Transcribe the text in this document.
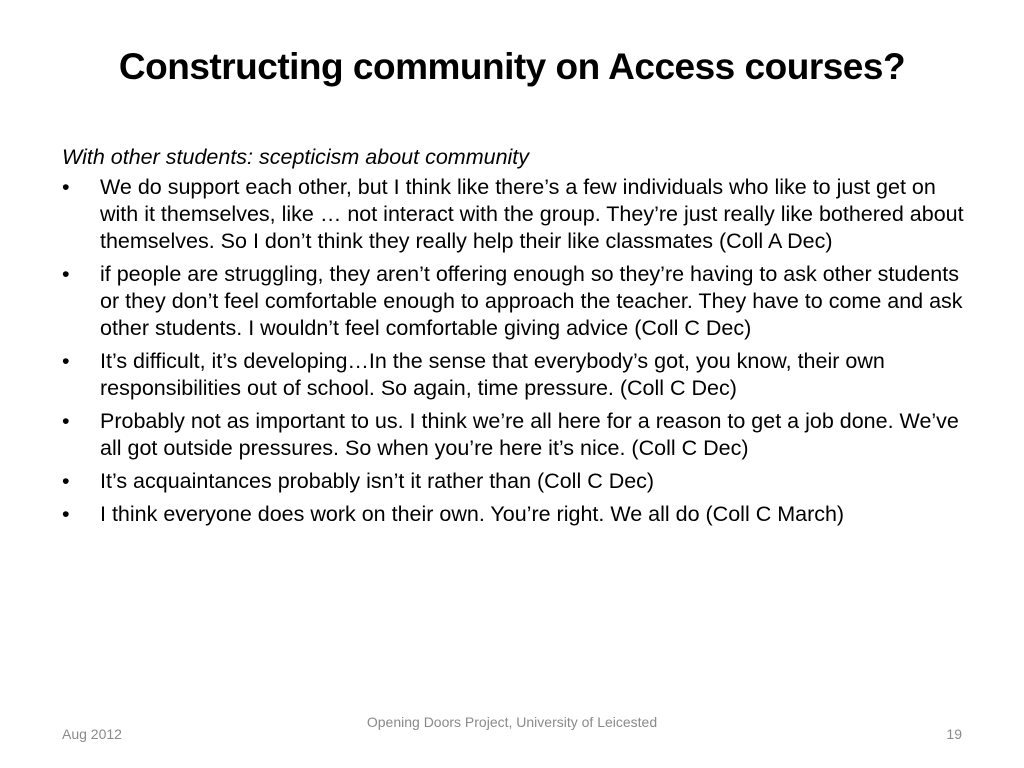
Constructing community on Access courses?

With other students: scepticism about community

•	We do support each other, but I think like there’s a few individuals who like to just get on with it themselves, like … not interact with the group. They’re just really like bothered about themselves. So I don’t think they really help their like classmates (Coll A Dec)
•	if people are struggling, they aren’t offering enough so they’re having to ask other students or they don’t feel comfortable enough to approach the teacher. They have to come and ask other students. I wouldn’t feel comfortable giving advice (Coll C Dec)
•	It’s difficult, it’s developing…In the sense that everybody’s got, you know, their own responsibilities out of school. So again, time pressure. (Coll C Dec)
•	Probably not as important to us. I think we’re all here for a reason to get a job done. We’ve all got outside pressures. So when you’re here it’s nice. (Coll C Dec)
•	It’s acquaintances probably isn’t it rather than (Coll C Dec)
•	I think everyone does work on their own. You’re right. We all do (Coll C March)
Aug 2012
Opening Doors Project, University of Leicested
19
